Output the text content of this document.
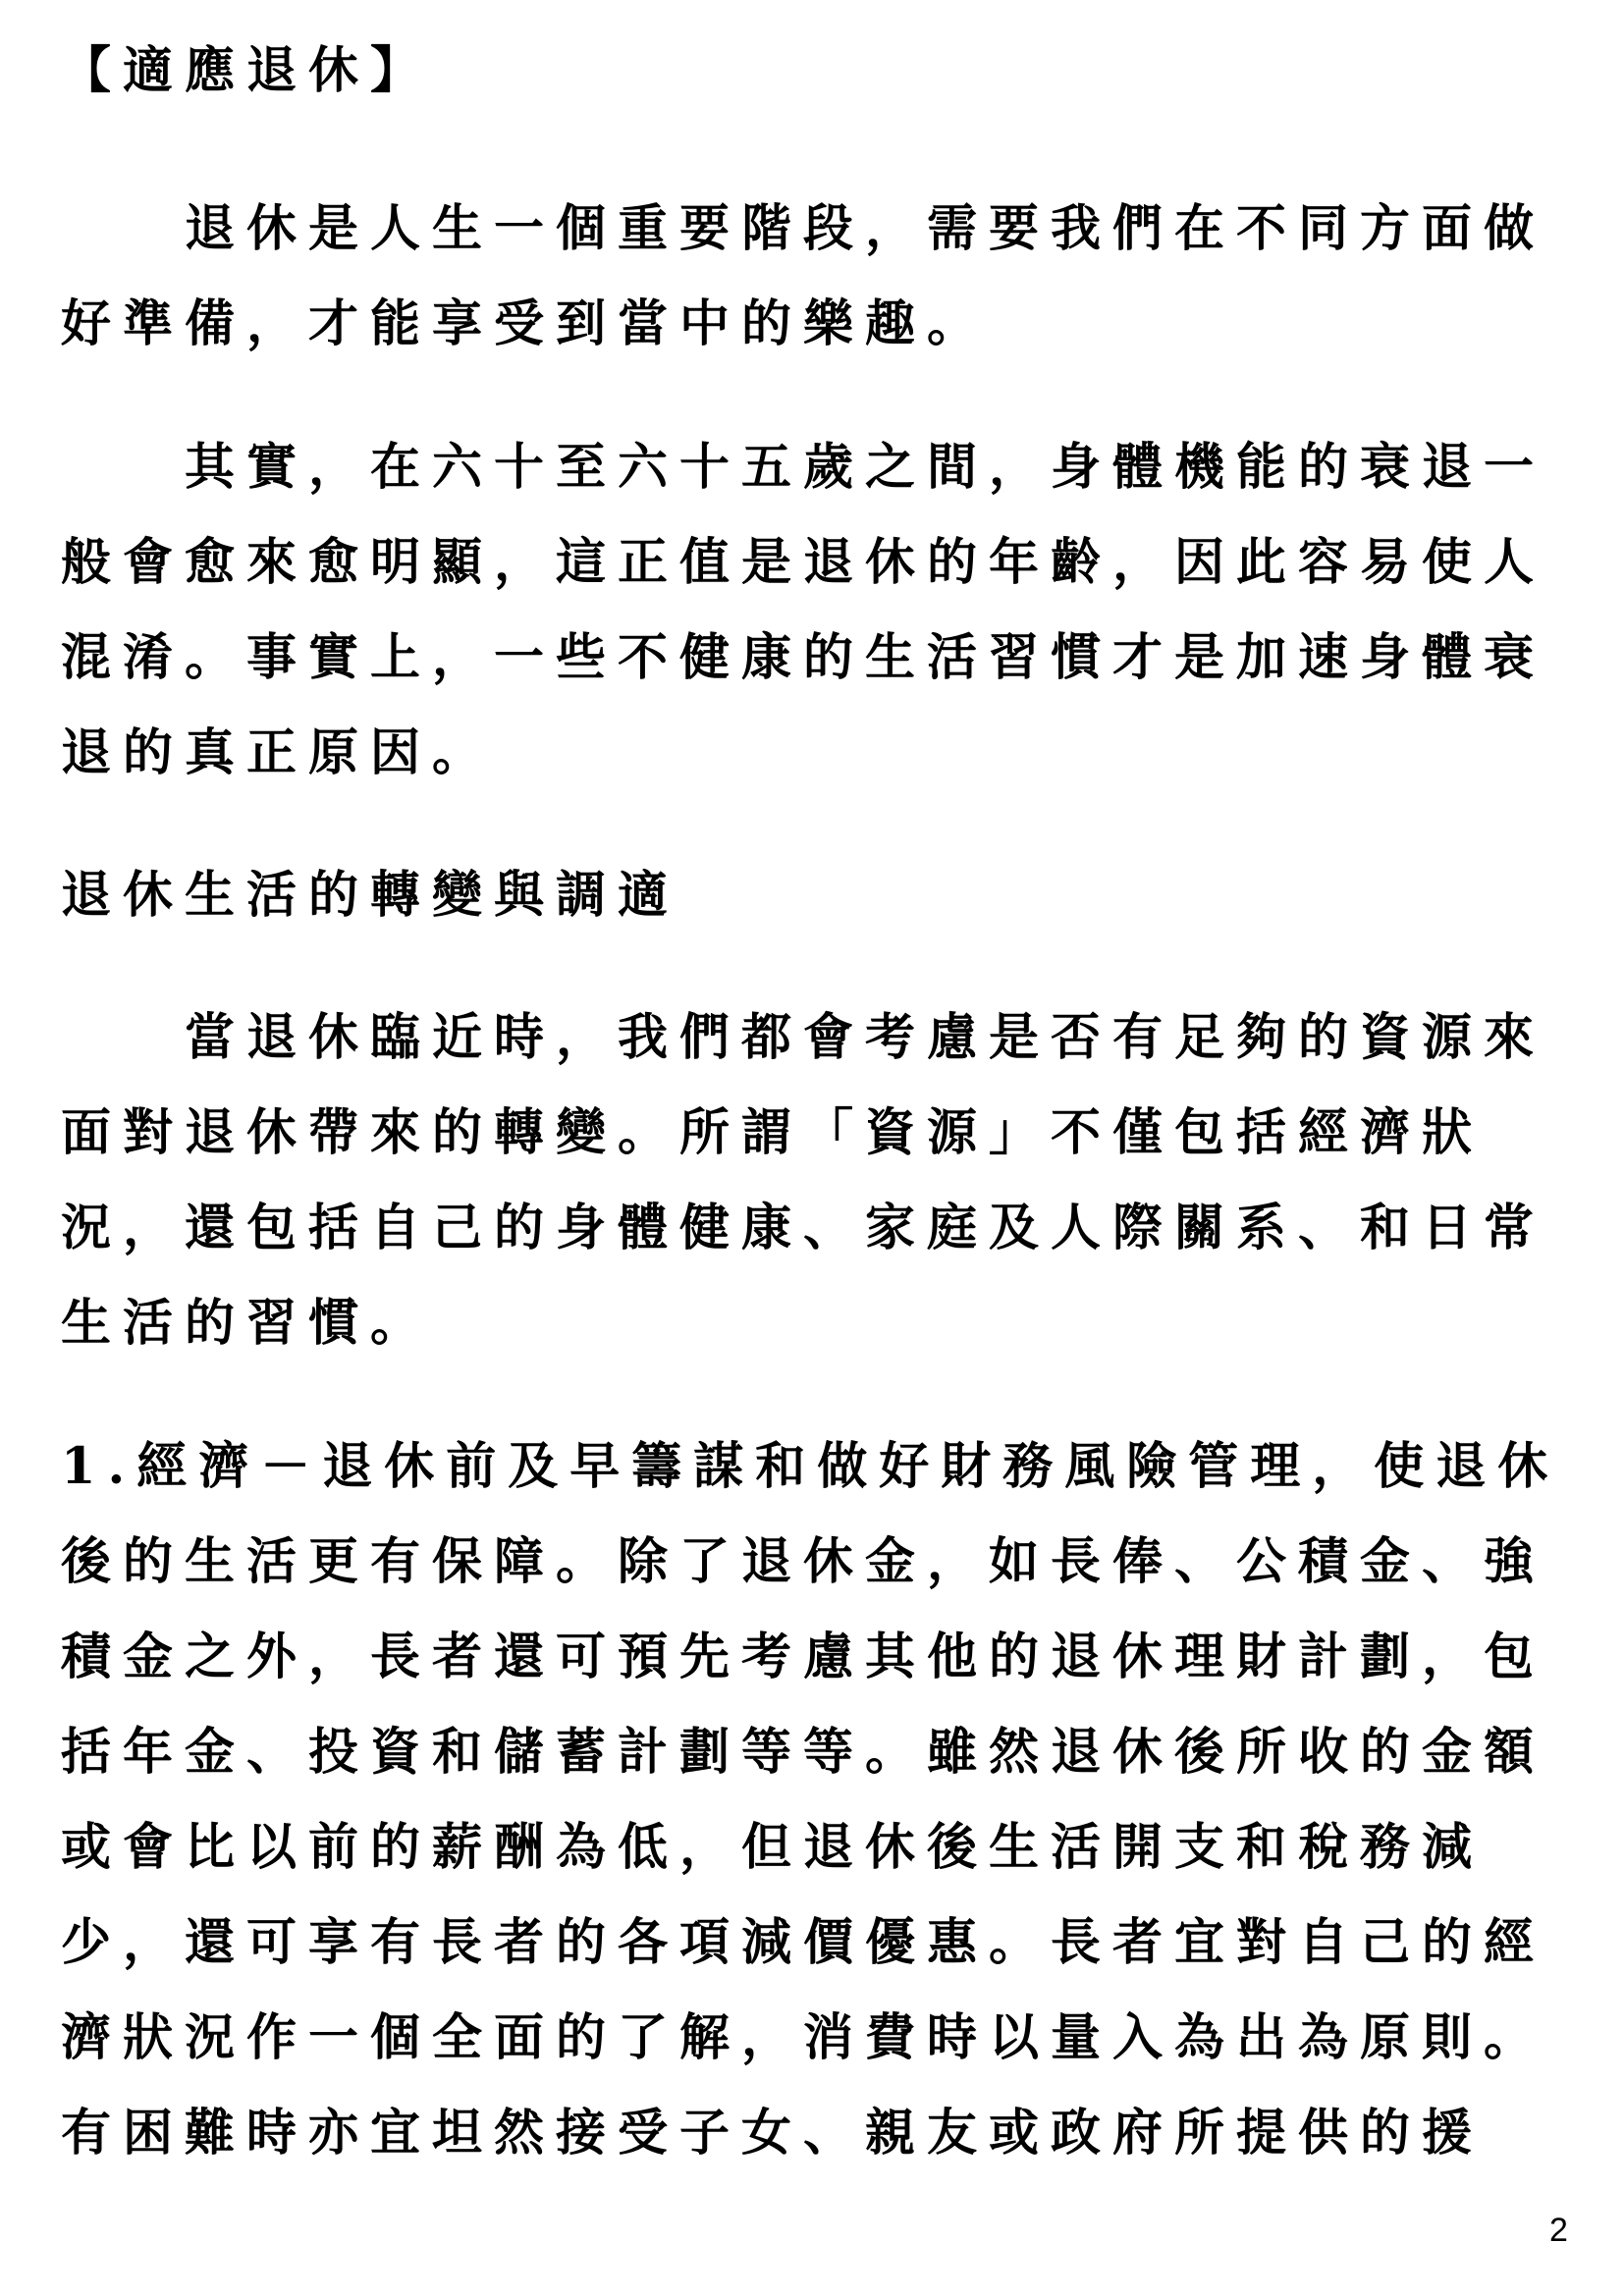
【適應退休】
退休是人生一個重要階段，需要我們在不同方面做
好準備，才能享受到當中的樂趣。
其實，在六十至六十五歲之間，身體機能的衰退一
般會愈來愈明顯，這正值是退休的年齡，因此容易使人
混淆。事實上，一些不健康的生活習慣才是加速身體衰
退的真正原因。
退休生活的轉變與調適
當退休臨近時，我們都會考慮是否有足夠的資源來
面對退休帶來的轉變。所謂「資源」不僅包括經濟狀
況，還包括自己的身體健康、家庭及人際關系、和日常
生活的習慣。
1.經濟－退休前及早籌謀和做好財務風險管理，使退休
後的生活更有保障。除了退休金，如長俸、公積金、強
積金之外，長者還可預先考慮其他的退休理財計劃，包
括年金、投資和儲蓄計劃等等。雖然退休後所收的金額
或會比以前的薪酬為低，但退休後生活開支和稅務減
少，還可享有長者的各項減價優惠。長者宜對自己的經
濟狀況作一個全面的了解，消費時以量入為出為原則。
有困難時亦宜坦然接受子女、親友或政府所提供的援
2
